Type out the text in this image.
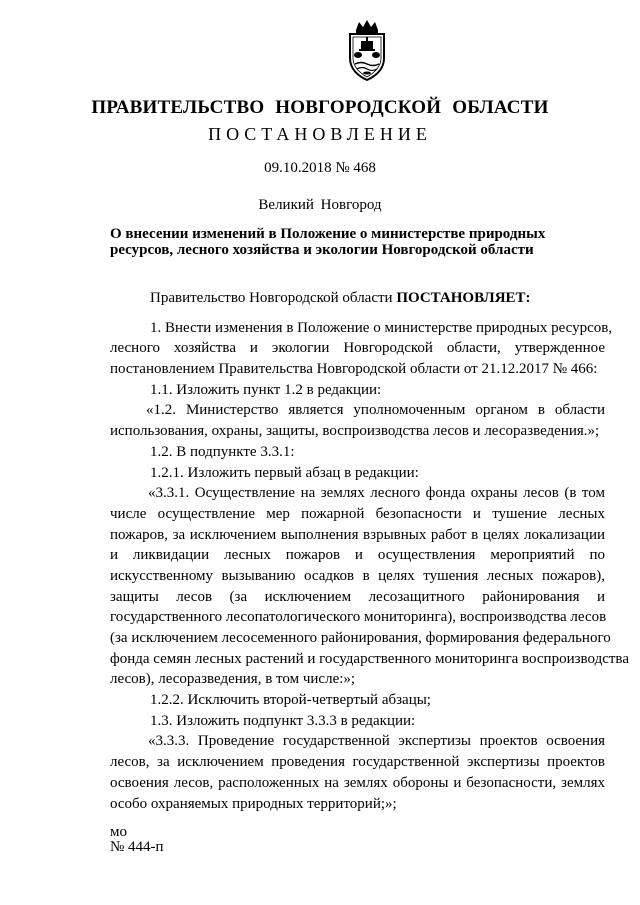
ПРАВИТЕЛЬСТВО НОВГОРОДСКОЙ ОБЛАСТИ
ПОСТАНОВЛЕНИЕ
09.10.2018 № 468
Великий Новгород
О внесении изменений в Положение о министерстве природных
ресурсов, лесного хозяйства и экологии Новгородской области
Правительство Новгородской области ПОСТАНОВЛЯЕТ:
1. Внести изменения в Положение о министерстве природных ресурсов,
лесного хозяйства и экологии Новгородской области, утвержденное
постановлением Правительства Новгородской области от 21.12.2017 № 466:
1.1. Изложить пункт 1.2 в редакции:
«1.2. Министерство является уполномоченным органом в области
использования, охраны, защиты, воспроизводства лесов и лесоразведения.»;
1.2. В подпункте 3.3.1:
1.2.1. Изложить первый абзац в редакции:
«3.3.1. Осуществление на землях лесного фонда охраны лесов (в том
числе осуществление мер пожарной безопасности и тушение лесных
пожаров, за исключением выполнения взрывных работ в целях локализации
и ликвидации лесных пожаров и осуществления мероприятий по
искусственному вызыванию осадков в целях тушения лесных пожаров),
защиты лесов (за исключением лесозащитного районирования и
государственного лесопатологического мониторинга), воспроизводства лесов
(за исключением лесосеменного районирования, формирования федерального
фонда семян лесных растений и государственного мониторинга воспроизводства
лесов), лесоразведения, в том числе:»;
1.2.2. Исключить второй-четвертый абзацы;
1.3. Изложить подпункт 3.3.3 в редакции:
«3.3.3. Проведение государственной экспертизы проектов освоения
лесов, за исключением проведения государственной экспертизы проектов
освоения лесов, расположенных на землях обороны и безопасности, землях
особо охраняемых природных территорий;»;
мо
№ 444-п
